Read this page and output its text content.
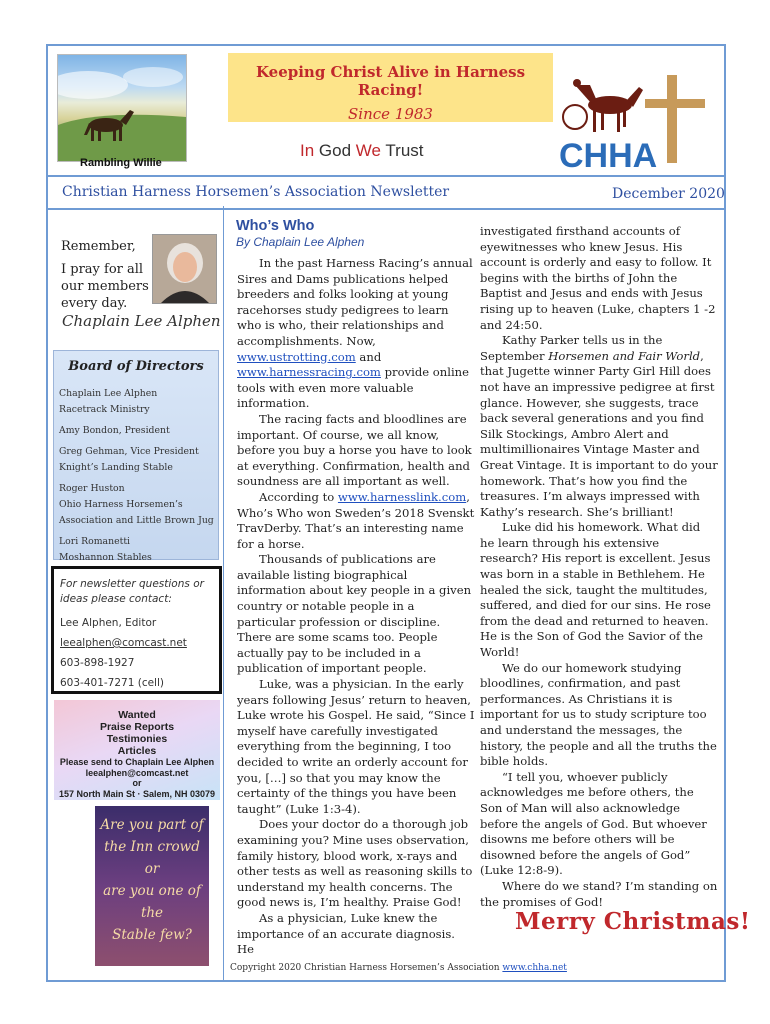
Rambling Willie
Keeping Christ Alive in Harness Racing!
Since 1983
In God We Trust	CHHA
Christian Harness Horsemen’s Association Newsletter	December 2020
Remember,
I pray for all
our members
every day.
Chaplain Lee Alphen
Board of Directors
Chaplain Lee Alphen
Racetrack Ministry
Amy Bondon, President
Greg Gehman, Vice President
Knight’s Landing Stable
Roger Huston
Ohio Harness Horsemen’s
Association and Little Brown Jug
Lori Romanetti
Moshannon Stables
For newsletter questions or ideas please contact:
Lee Alphen, Editor
leealphen@comcast.net
603-898-1927
603-401-7271 (cell)
Wanted
Praise Reports
Testimonies
Articles
Please send to Chaplain Lee Alphen
leealphen@comcast.net
or
157 North Main St · Salem, NH 03079
Are you part of
the Inn crowd or
are you one of the
Stable few?
Who’s Who
By Chaplain Lee Alphen

In the past Harness Racing’s annual Sires and Dams publications helped breeders and folks looking at young racehorses study pedigrees to learn who is who, their relationships and accomplishments. Now, www.ustrotting.com and www.harnessracing.com provide online tools with even more valuable information.

The racing facts and bloodlines are important. Of course, we all know, before you buy a horse you have to look at everything. Confirmation, health and soundness are all important as well.

According to www.harnesslink.com, Who’s Who won Sweden’s 2018 Svenskt TravDerby. That’s an interesting name for a horse.

Thousands of publications are available listing biographical information about key people in a given country or notable people in a particular profession or discipline. There are some scams too. People actually pay to be included in a publication of important people.

Luke, was a physician. In the early years following Jesus’ return to heaven, Luke wrote his Gospel. He said, “Since I myself have carefully investigated everything from the beginning, I too decided to write an orderly account for you, […] so that you may know the certainty of the things you have been taught” (Luke 1:3-4).

Does your doctor do a thorough job examining you? Mine uses observation, family history, blood work, x-rays and other tests as well as reasoning skills to understand my health concerns. The good news is, I’m healthy. Praise God!

As a physician, Luke knew the importance of an accurate diagnosis. He

investigated firsthand accounts of eyewitnesses who knew Jesus. His account is orderly and easy to follow. It begins with the births of John the Baptist and Jesus and ends with Jesus rising up to heaven (Luke, chapters 1 -2 and 24:50.

Kathy Parker tells us in the September Horsemen and Fair World, that Jugette winner Party Girl Hill does not have an impressive pedigree at first glance. However, she suggests, trace back several generations and you find Silk Stockings, Ambro Alert and multimillionaires Vintage Master and Great Vintage. It is important to do your homework. That’s how you find the treasures. I’m always impressed with Kathy’s research. She’s brilliant!

Luke did his homework. What did he learn through his extensive research? His report is excellent. Jesus was born in a stable in Bethlehem. He healed the sick, taught the multitudes, suffered, and died for our sins. He rose from the dead and returned to heaven. He is the Son of God the Savior of the World!

We do our homework studying bloodlines, confirmation, and past performances. As Christians it is important for us to study scripture too and understand the messages, the history, the people and all the truths the bible holds.

“I tell you, whoever publicly acknowledges me before others, the Son of Man will also acknowledge before the angels of God. But whoever disowns me before others will be disowned before the angels of God” (Luke 12:8-9).

Where do we stand? I’m standing on the promises of God!

Merry Christmas!
Copyright 2020 Christian Harness Horsemen’s Association www.chha.net
